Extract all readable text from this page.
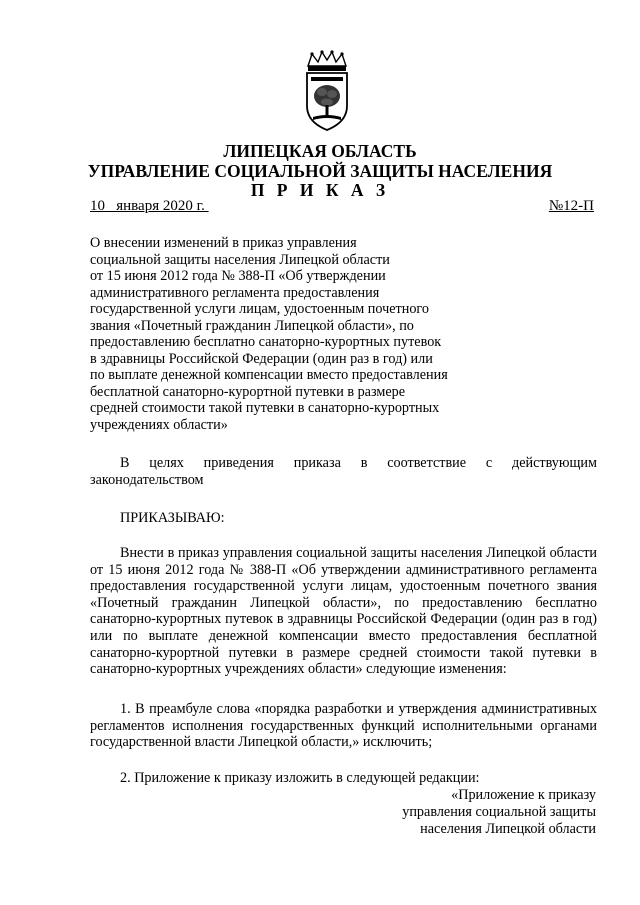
ЛИПЕЦКАЯ ОБЛАСТЬ
УПРАВЛЕНИЕ СОЦИАЛЬНОЙ ЗАЩИТЫ НАСЕЛЕНИЯ
П Р И К А З
10   января 2020 г.	№12-П
О внесении изменений в приказ управления
социальной защиты населения Липецкой области
от 15 июня 2012 года № 388-П «Об утверждении
административного регламента предоставления
государственной услуги лицам, удостоенным почетного
звания «Почетный гражданин Липецкой области», по
предоставлению бесплатно санаторно-курортных путевок
в здравницы Российской Федерации (один раз в год) или
по выплате денежной компенсации вместо предоставления
бесплатной санаторно-курортной путевки в размере
средней стоимости такой путевки в санаторно-курортных
учреждениях области»
В целях приведения приказа в соответствие с действующим законодательством
ПРИКАЗЫВАЮ:
Внести в приказ управления социальной защиты населения Липецкой области от 15 июня 2012 года № 388-П «Об утверждении административного регламента предоставления государственной услуги лицам, удостоенным почетного звания «Почетный гражданин Липецкой области», по предоставлению бесплатно санаторно-курортных путевок в здравницы Российской Федерации (один раз в год) или по выплате денежной компенсации вместо предоставления бесплатной санаторно-курортной путевки в размере средней стоимости такой путевки в санаторно-курортных учреждениях области» следующие изменения:
1. В преамбуле слова «порядка разработки и утверждения административных регламентов исполнения государственных функций исполнительными органами государственной власти Липецкой области,» исключить;
2. Приложение к приказу изложить в следующей редакции:
«Приложение к приказу
управления социальной защиты
населения Липецкой области
